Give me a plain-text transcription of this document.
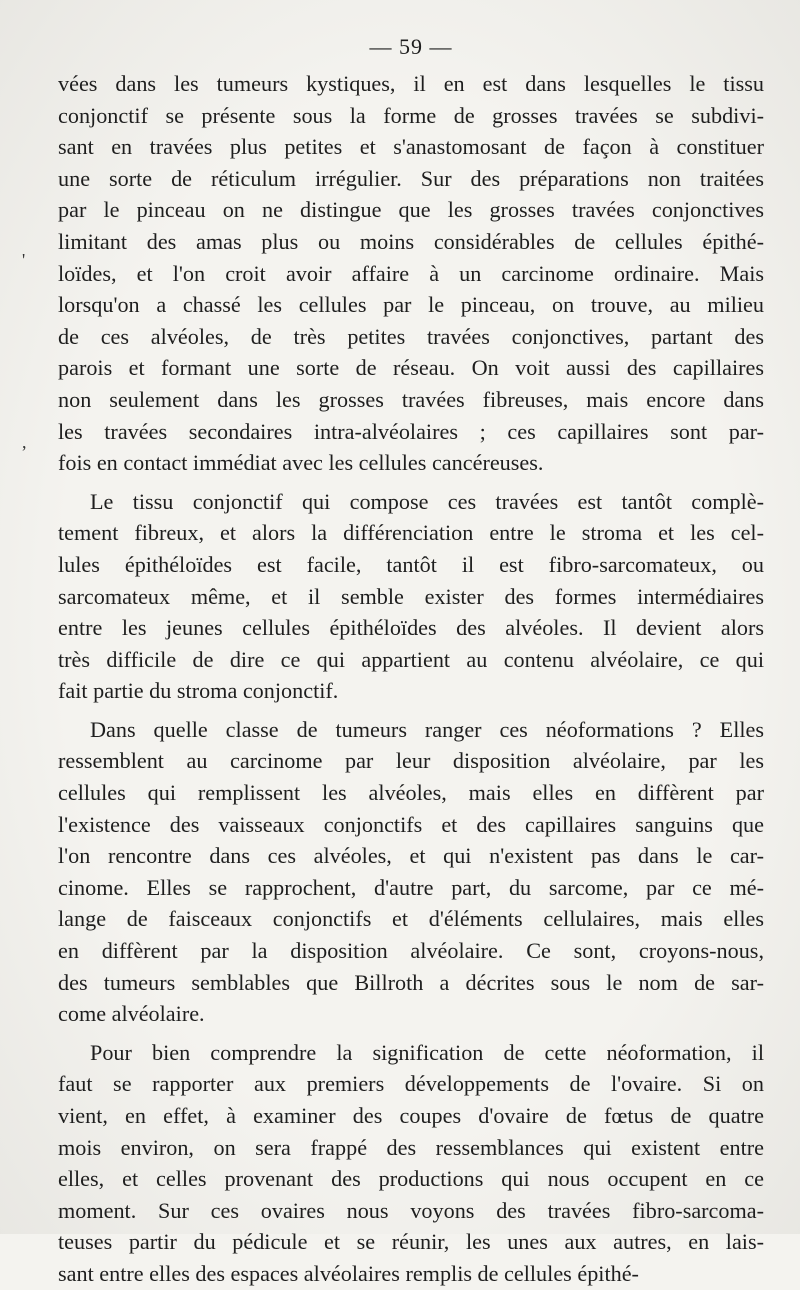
— 59 —
vées dans les tumeurs kystiques, il en est dans lesquelles le tissu
conjonctif se présente sous la forme de grosses travées se subdivi-
sant en travées plus petites et s'anastomosant de façon à constituer
une sorte de réticulum irrégulier. Sur des préparations non traitées
par le pinceau on ne distingue que les grosses travées conjonctives
limitant des amas plus ou moins considérables de cellules épithé-
loïdes, et l'on croit avoir affaire à un carcinome ordinaire. Mais
lorsqu'on a chassé les cellules par le pinceau, on trouve, au milieu
de ces alvéoles, de très petites travées conjonctives, partant des
parois et formant une sorte de réseau. On voit aussi des capillaires
non seulement dans les grosses travées fibreuses, mais encore dans
les travées secondaires intra-alvéolaires ; ces capillaires sont par-
fois en contact immédiat avec les cellules cancéreuses.
Le tissu conjonctif qui compose ces travées est tantôt complè-
tement fibreux, et alors la différenciation entre le stroma et les cel-
lules épithéloïdes est facile, tantôt il est fibro-sarcomateux, ou
sarcomateux même, et il semble exister des formes intermédiaires
entre les jeunes cellules épithéloïdes des alvéoles. Il devient alors
très difficile de dire ce qui appartient au contenu alvéolaire, ce qui
fait partie du stroma conjonctif.
Dans quelle classe de tumeurs ranger ces néoformations ? Elles
ressemblent au carcinome par leur disposition alvéolaire, par les
cellules qui remplissent les alvéoles, mais elles en diffèrent par
l'existence des vaisseaux conjonctifs et des capillaires sanguins que
l'on rencontre dans ces alvéoles, et qui n'existent pas dans le car-
cinome. Elles se rapprochent, d'autre part, du sarcome, par ce mé-
lange de faisceaux conjonctifs et d'éléments cellulaires, mais elles
en diffèrent par la disposition alvéolaire. Ce sont, croyons-nous,
des tumeurs semblables que Billroth a décrites sous le nom de sar-
come alvéolaire.
Pour bien comprendre la signification de cette néoformation, il
faut se rapporter aux premiers développements de l'ovaire. Si on
vient, en effet, à examiner des coupes d'ovaire de fœtus de quatre
mois environ, on sera frappé des ressemblances qui existent entre
elles, et celles provenant des productions qui nous occupent en ce
moment. Sur ces ovaires nous voyons des travées fibro-sarcoma-
teuses partir du pédicule et se réunir, les unes aux autres, en lais-
sant entre elles des espaces alvéolaires remplis de cellules épithé-
'
,
